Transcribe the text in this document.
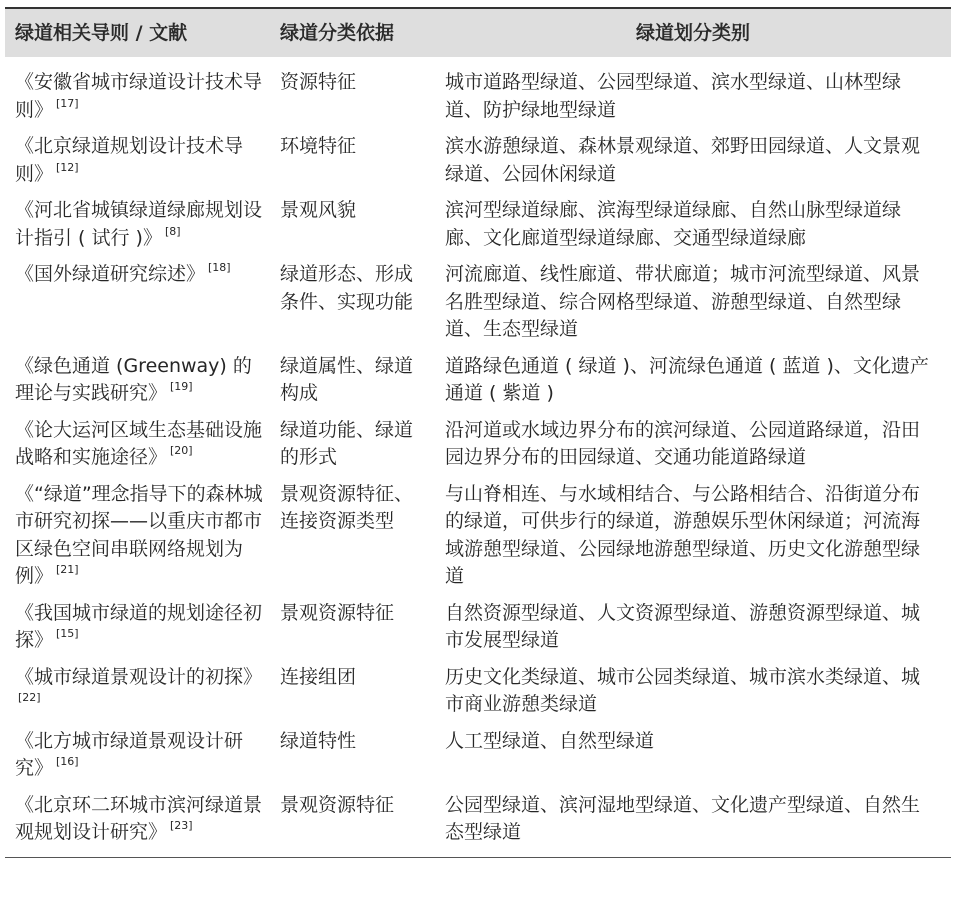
绿道相关导则 / 文献	绿道分类依据	绿道划分类别
《安徽省城市绿道设计技术导则》 [17]	资源特征	城市道路型绿道、公园型绿道、滨水型绿道、山林型绿道、防护绿地型绿道
《北京绿道规划设计技术导则》 [12]	环境特征	滨水游憩绿道、森林景观绿道、郊野田园绿道、人文景观绿道、公园休闲绿道
《河北省城镇绿道绿廊规划设计指引 ( 试行 )》 [8]	景观风貌	滨河型绿道绿廊、滨海型绿道绿廊、自然山脉型绿道绿廊、文化廊道型绿道绿廊、交通型绿道绿廊
《国外绿道研究综述》 [18]	绿道形态、形成条件、实现功能	河流廊道、线性廊道、带状廊道；城市河流型绿道、风景名胜型绿道、综合网格型绿道、游憩型绿道、自然型绿道、生态型绿道
《绿色通道 (Greenway) 的理论与实践研究》 [19]	绿道属性、绿道构成	道路绿色通道 ( 绿道 )、河流绿色通道 ( 蓝道 )、文化遗产通道 ( 紫道 )
《论大运河区域生态基础设施战略和实施途径》 [20]	绿道功能、绿道的形式	沿河道或水域边界分布的滨河绿道、公园道路绿道，沿田园边界分布的田园绿道、交通功能道路绿道
《“绿道”理念指导下的森林城市研究初探——以重庆市都市区绿色空间串联网络规划为例》 [21]	景观资源特征、连接资源类型	与山脊相连、与水域相结合、与公路相结合、沿街道分布的绿道，可供步行的绿道，游憩娱乐型休闲绿道；河流海域游憩型绿道、公园绿地游憩型绿道、历史文化游憩型绿道
《我国城市绿道的规划途径初探》 [15]	景观资源特征	自然资源型绿道、人文资源型绿道、游憩资源型绿道、城市发展型绿道
《城市绿道景观设计的初探》[22]	连接组团	历史文化类绿道、城市公园类绿道、城市滨水类绿道、城市商业游憩类绿道
《北方城市绿道景观设计研究》 [16]	绿道特性	人工型绿道、自然型绿道
《北京环二环城市滨河绿道景观规划设计研究》 [23]	景观资源特征	公园型绿道、滨河湿地型绿道、文化遗产型绿道、自然生态型绿道
